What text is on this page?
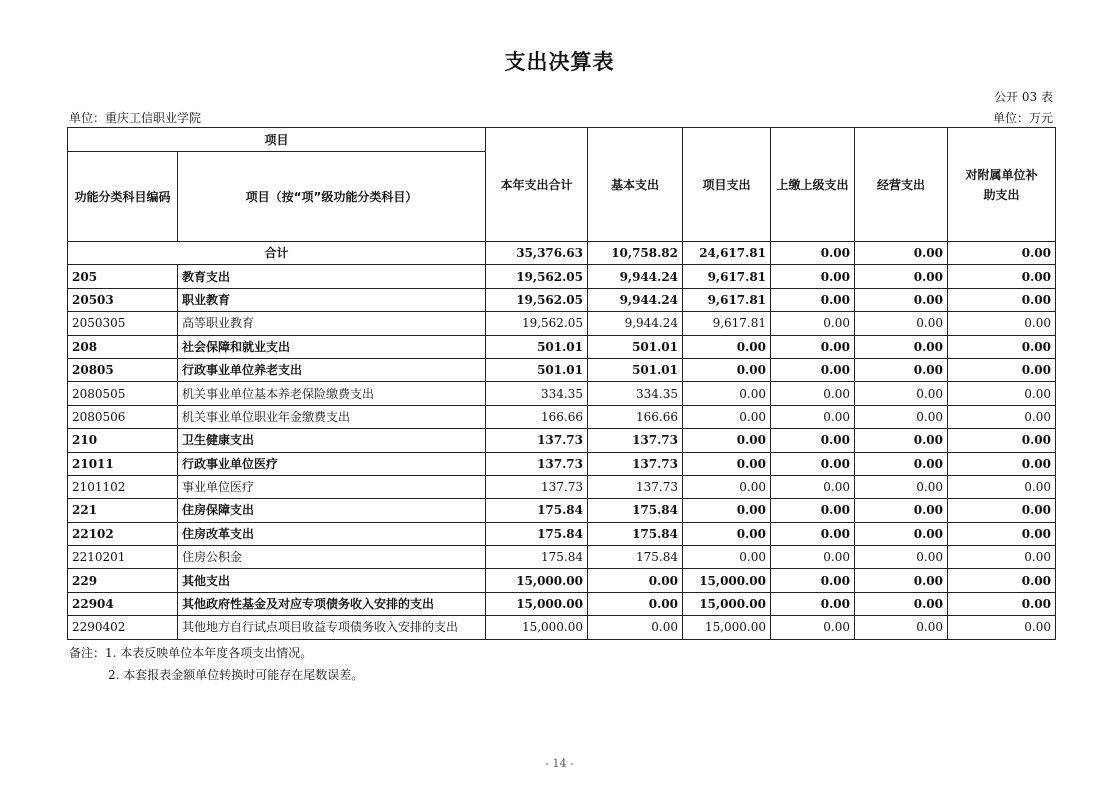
支出决算表
公开 03 表
单位：重庆工信职业学院	单位：万元
项目		本年支出合计	基本支出	项目支出	上缴上级支出	经营支出	对附属单位补助支出
功能分类科目编码	项目（按“项”级功能分类科目）						
合计		35,376.63	10,758.82	24,617.81	0.00	0.00	0.00
205	教育支出	19,562.05	9,944.24	9,617.81	0.00	0.00	0.00
20503	职业教育	19,562.05	9,944.24	9,617.81	0.00	0.00	0.00
2050305	高等职业教育	19,562.05	9,944.24	9,617.81	0.00	0.00	0.00
208	社会保障和就业支出	501.01	501.01	0.00	0.00	0.00	0.00
20805	行政事业单位养老支出	501.01	501.01	0.00	0.00	0.00	0.00
2080505	机关事业单位基本养老保险缴费支出	334.35	334.35	0.00	0.00	0.00	0.00
2080506	机关事业单位职业年金缴费支出	166.66	166.66	0.00	0.00	0.00	0.00
210	卫生健康支出	137.73	137.73	0.00	0.00	0.00	0.00
21011	行政事业单位医疗	137.73	137.73	0.00	0.00	0.00	0.00
2101102	事业单位医疗	137.73	137.73	0.00	0.00	0.00	0.00
221	住房保障支出	175.84	175.84	0.00	0.00	0.00	0.00
22102	住房改革支出	175.84	175.84	0.00	0.00	0.00	0.00
2210201	住房公积金	175.84	175.84	0.00	0.00	0.00	0.00
229	其他支出	15,000.00	0.00	15,000.00	0.00	0.00	0.00
22904	其他政府性基金及对应专项债务收入安排的支出	15,000.00	0.00	15,000.00	0.00	0.00	0.00
2290402	其他地方自行试点项目收益专项债务收入安排的支出	15,000.00	0.00	15,000.00	0.00	0.00	0.00
备注：1. 本表反映单位本年度各项支出情况。
2. 本套报表金额单位转换时可能存在尾数误差。
- 14 -
